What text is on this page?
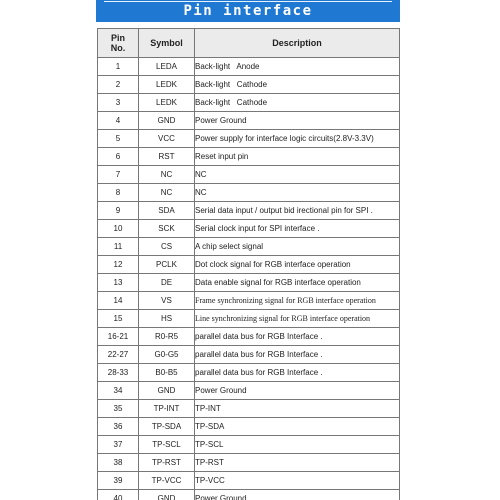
Pin interface
Pin
No.	Symbol	Description
1	LEDA	Back-light   Anode
2	LEDK	Back-light   Cathode
3	LEDK	Back-light   Cathode
4	GND	Power Ground
5	VCC	Power supply for interface logic circuits(2.8V-3.3V)
6	RST	Reset input pin
7	NC	NC
8	NC	NC
9	SDA	Serial data input / output bid irectional pin for SPI .
10	SCK	Serial clock input for SPI interface .
11	CS	A chip select signal
12	PCLK	Dot clock signal for RGB interface operation
13	DE	Data enable signal for RGB interface operation
14	VS	Frame synchronizing signal for RGB interface operation
15	HS	Line synchronizing signal for RGB interface operation
16-21	R0-R5	parallel data bus for RGB Interface .
22-27	G0-G5	parallel data bus for RGB Interface .
28-33	B0-B5	parallel data bus for RGB Interface .
34	GND	Power Ground
35	TP-INT	TP-INT
36	TP-SDA	TP-SDA
37	TP-SCL	TP-SCL
38	TP-RST	TP-RST
39	TP-VCC	TP-VCC
40	GND	Power Ground
